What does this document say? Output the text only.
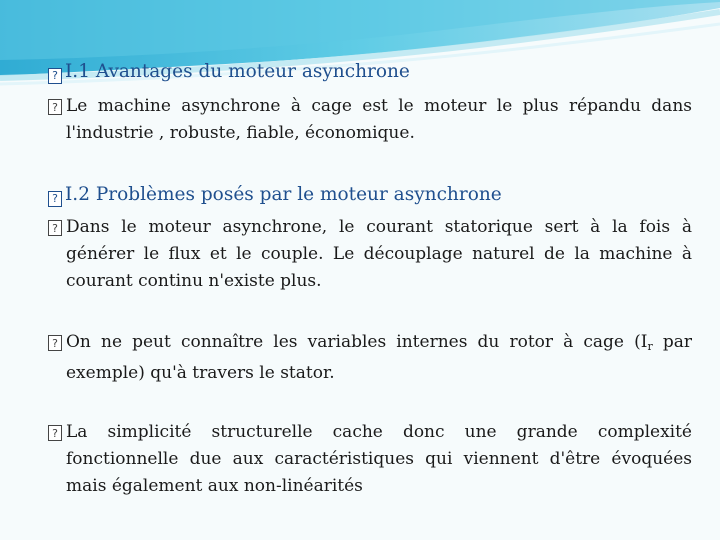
? I.1 Avantages du moteur asynchrone
? Le machine asynchrone à cage est le moteur le plus répandu dans l'industrie , robuste, fiable, économique.
? I.2 Problèmes posés par le moteur asynchrone
? Dans le moteur asynchrone, le courant statorique sert à la fois à générer le flux et le couple. Le découplage naturel de la machine à courant continu n'existe plus.
? On ne peut connaître les variables internes du rotor à cage ($I_r$ par exemple) qu'à travers le stator.
? La simplicité structurelle cache donc une grande complexité fonctionnelle due aux caractéristiques qui viennent d'être évoquées mais également aux non-linéarités
